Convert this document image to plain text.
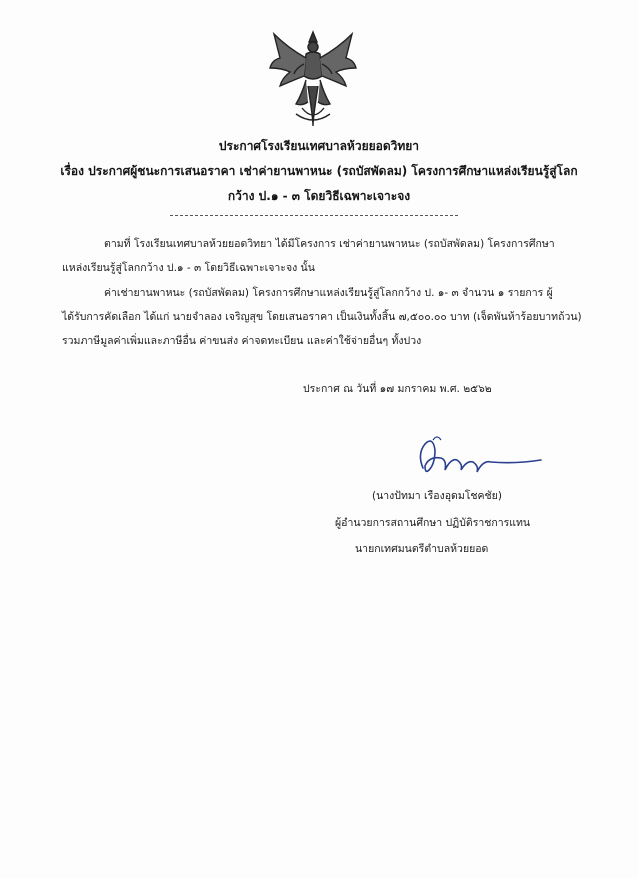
ประกาศโรงเรียนเทศบาลห้วยยอดวิทยา
เรื่อง ประกาศผู้ชนะการเสนอราคา เช่าค่ายานพาหนะ (รถบัสพัดลม) โครงการศึกษาแหล่งเรียนรู้สู่โลก
กว้าง ป.๑ - ๓ โดยวิธีเฉพาะเจาะจง
ตามที่ โรงเรียนเทศบาลห้วยยอดวิทยา ได้มีโครงการ เช่าค่ายานพาหนะ (รถบัสพัดลม) โครงการศึกษา
แหล่งเรียนรู้สู่โลกกว้าง ป.๑ - ๓ โดยวิธีเฉพาะเจาะจง นั้น
ค่าเช่ายานพาหนะ (รถบัสพัดลม) โครงการศึกษาแหล่งเรียนรู้สู่โลกกว้าง ป. ๑- ๓ จำนวน ๑ รายการ ผู้
ได้รับการคัดเลือก ได้แก่ นายจำลอง เจริญสุข โดยเสนอราคา เป็นเงินทั้งสิ้น ๗,๕๐๐.๐๐ บาท (เจ็ดพันห้าร้อยบาทถ้วน)
รวมภาษีมูลค่าเพิ่มและภาษีอื่น ค่าขนส่ง ค่าจดทะเบียน และค่าใช้จ่ายอื่นๆ ทั้งปวง
ประกาศ ณ วันที่ ๑๗ มกราคม พ.ศ. ๒๕๖๒
(นางปัทมา เรืองอุดมโชคชัย)
ผู้อำนวยการสถานศึกษา ปฏิบัติราชการแทน
นายกเทศมนตรีตำบลห้วยยอด
